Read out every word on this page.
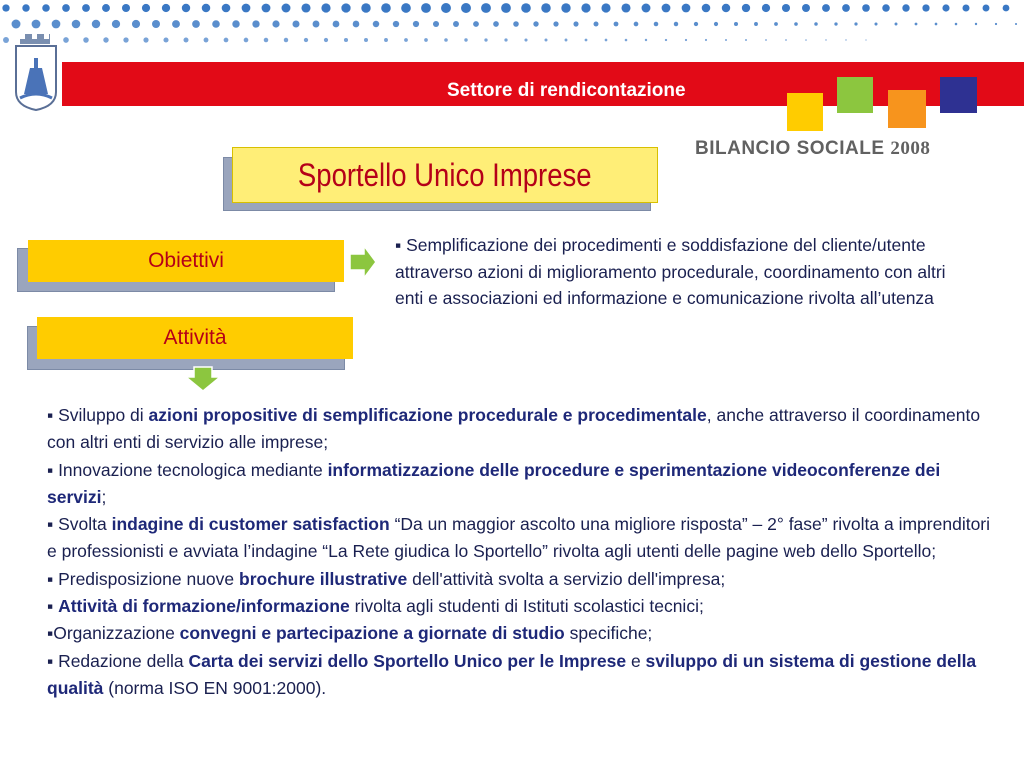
Settore di rendicontazione
BILANCIO SOCIALE 2008
Sportello Unico Imprese
Obiettivi
Attività
▪ Semplificazione dei procedimenti e soddisfazione del cliente/utente attraverso azioni di miglioramento procedurale, coordinamento con altri enti e associazioni ed informazione e comunicazione rivolta all’utenza

▪ Sviluppo di azioni propositive di semplificazione procedurale e procedimentale, anche attraverso il coordinamento con altri enti di servizio alle imprese;

▪ Innovazione tecnologica mediante informatizzazione delle procedure e sperimentazione videoconferenze dei servizi;

▪ Svolta indagine di customer satisfaction “Da un maggior ascolto una migliore risposta” – 2° fase” rivolta a imprenditori e professionisti e avviata l’indagine “La Rete giudica lo Sportello” rivolta agli utenti delle pagine web dello Sportello;

▪ Predisposizione nuove brochure illustrative dell'attività svolta a servizio dell'impresa;

▪ Attività di formazione/informazione rivolta agli studenti di Istituti scolastici tecnici;

▪Organizzazione convegni e partecipazione a giornate di studio specifiche;

▪ Redazione della Carta dei servizi dello Sportello Unico per le Imprese e sviluppo di un sistema di gestione della qualità (norma ISO EN 9001:2000).
